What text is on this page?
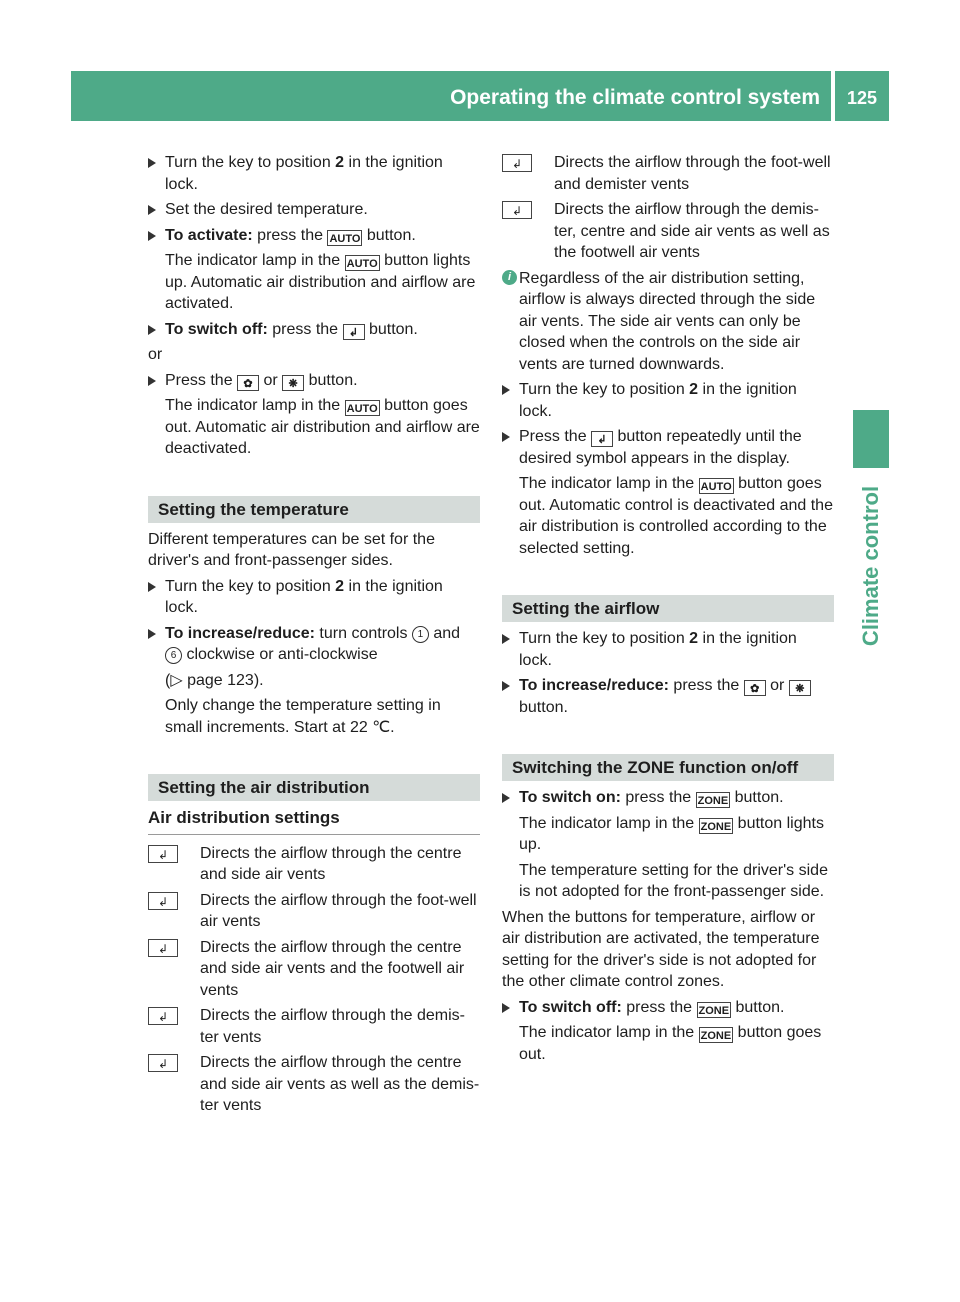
Operating the climate control system	125
Climate control
Turn the key to position 2 in the ignition lock.
Set the desired temperature.
To activate: press the AUTO button.
The indicator lamp in the AUTO button lights up. Automatic air distribution and airflow are activated.
To switch off: press the ↲ button.
or
Press the ✿ or ❋ button.
The indicator lamp in the AUTO button goes out. Automatic air distribution and airflow are deactivated.
Setting the temperature
Different temperatures can be set for the driver's and front-passenger sides.
Turn the key to position 2 in the ignition lock.
To increase/reduce: turn controls 1 and 6 clockwise or anti-clockwise
(▷ page 123).
Only change the temperature setting in small increments. Start at 22 ℃.
Setting the air distribution
Air distribution settings
↲	Directs the airflow through the centre and side air vents
↲	Directs the airflow through the foot-well air vents
↲	Directs the airflow through the centre and side air vents and the footwell air vents
↲	Directs the airflow through the demis-ter vents
↲	Directs the airflow through the centre and side air vents as well as the demis-ter vents
↲	Directs the airflow through the foot-well and demister vents
↲	Directs the airflow through the demis-ter, centre and side air vents as well as the footwell air vents
i Regardless of the air distribution setting, airflow is always directed through the side air vents. The side air vents can only be closed when the controls on the side air vents are turned downwards.
Turn the key to position 2 in the ignition lock.
Press the ↲ button repeatedly until the desired symbol appears in the display.
The indicator lamp in the AUTO button goes out. Automatic control is deactivated and the air distribution is controlled according to the selected setting.
Setting the airflow
Turn the key to position 2 in the ignition lock.
To increase/reduce: press the ✿ or ❋ button.
Switching the ZONE function on/off
To switch on: press the ZONE button.
The indicator lamp in the ZONE button lights up.
The temperature setting for the driver's side is not adopted for the front-passenger side.
When the buttons for temperature, airflow or air distribution are activated, the temperature setting for the driver's side is not adopted for the other climate control zones.
To switch off: press the ZONE button.
The indicator lamp in the ZONE button goes out.
